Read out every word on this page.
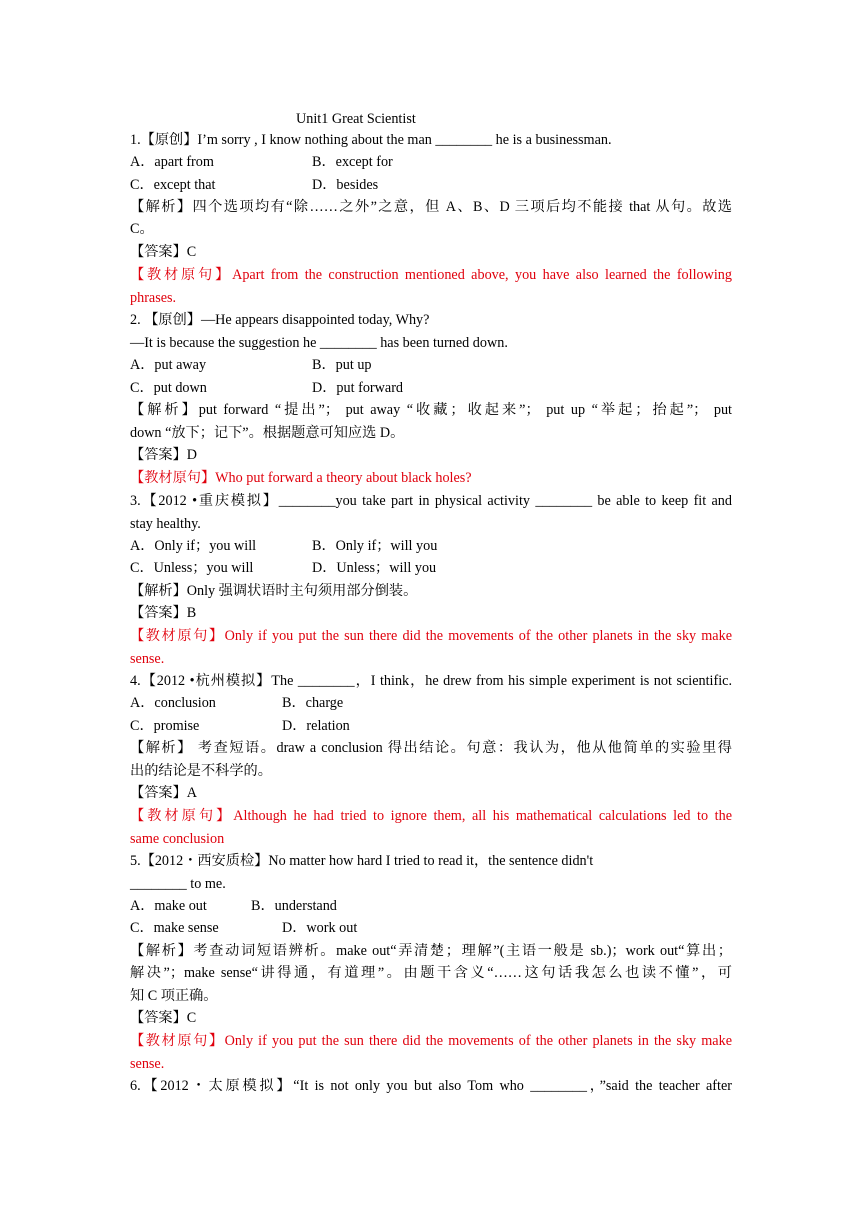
Unit1 Great Scientist
1.【原创】I’m sorry , I know nothing about the man ________ he is a businessman.
A．apart from	B．except for
C．except that	D．besides
【解析】四个选项均有“除……之外”之意，但 A、B、D 三项后均不能接 that 从句。故选
C。
【答案】C
【教材原句】Apart from the construction mentioned above, you have also learned the following
phrases.
2. 【原创】—He appears disappointed today, Why?
—It is because the suggestion he ________ has been turned down.
A．put away	B．put up
C．put down	D．put forward
【解析】put forward “提出”； put away “收藏；收起来”； put up “举起；抬起”； put
down “放下；记下”。根据题意可知应选 D。
【答案】D
【教材原句】Who put forward a theory about black holes?
3.【2012 •重庆模拟】________you take part in physical activity ________ be able to keep fit and
stay healthy.
A．Only if；you will	B．Only if；will you
C．Unless；you will	D．Unless；will you
【解析】Only 强调状语时主句须用部分倒装。
【答案】B
【教材原句】Only if you put the sun there did the movements of the other planets in the sky make
sense.
4.【2012 •杭州模拟】The ________，I think，he drew from his simple experiment is not scientific.
A．conclusion	B．charge
C．promise	D．relation
【解析】 考查短语。draw a conclusion 得出结论。句意：我认为，他从他简单的实验里得
出的结论是不科学的。
【答案】A
【教材原句】Although he had tried to ignore them, all his mathematical calculations led to the
same conclusion
5.【2012・西安质检】No matter how hard I tried to read it，the sentence didn't
________ to me.
A．make out	B．understand
C．make sense	D．work out
【解析】考查动词短语辨析。make out“弄清楚；理解”(主语一般是 sb.)；work out“算出；
解决”；make sense“讲得通，有道理”。由题干含义“……这句话我怎么也读不懂”，可
知 C 项正确。
【答案】C
【教材原句】Only if you put the sun there did the movements of the other planets in the sky make
sense.
6.【2012・太原模拟】“It is not only you but also Tom who ________，”said the teacher after
